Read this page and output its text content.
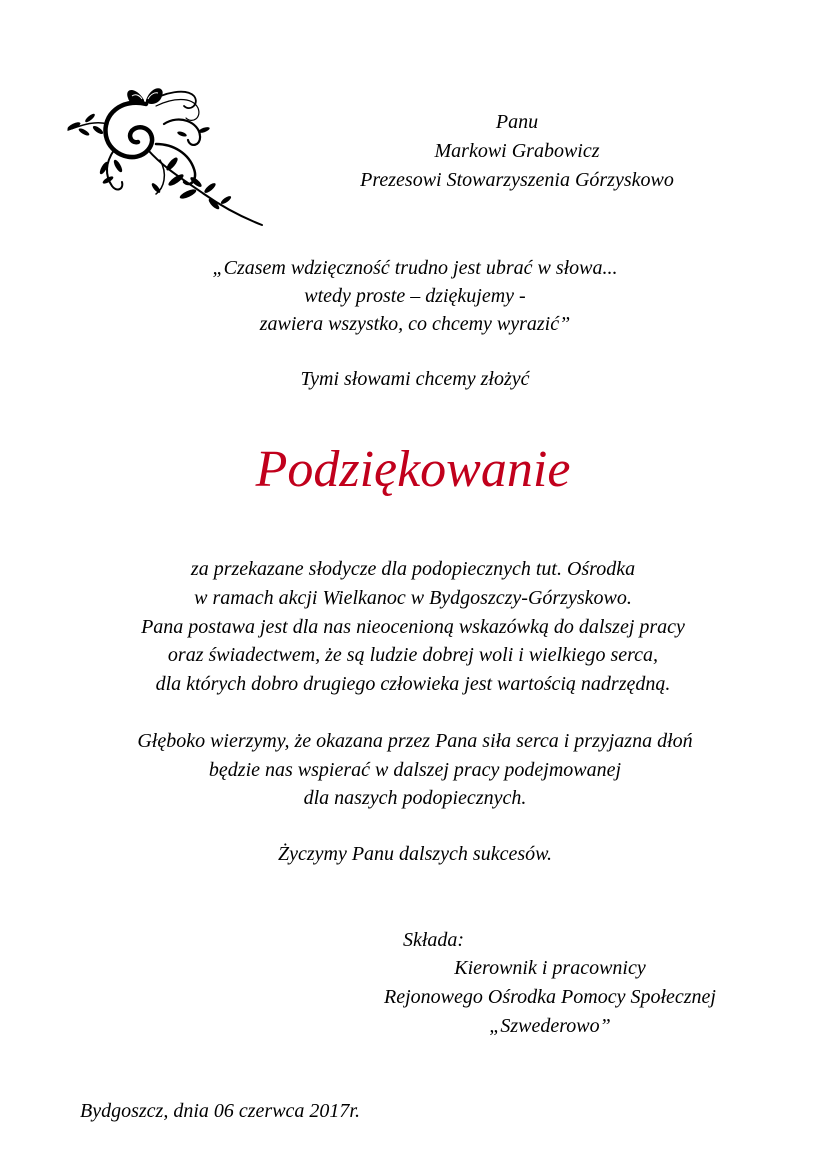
Panu
Markowi Grabowicz
Prezesowi Stowarzyszenia Górzyskowo
„Czasem wdzięczność trudno jest ubrać w słowa...
wtedy proste – dziękujemy -
zawiera wszystko, co chcemy wyrazić”
Tymi słowami chcemy złożyć
Podziękowanie
za przekazane słodycze dla podopiecznych tut. Ośrodka
w ramach akcji Wielkanoc w Bydgoszczy-Górzyskowo.
Pana postawa jest dla nas nieocenioną wskazówką do dalszej pracy
oraz świadectwem, że są ludzie dobrej woli i wielkiego serca,
dla których dobro drugiego człowieka jest wartością nadrzędną.
Głęboko wierzymy, że okazana przez Pana siła serca i przyjazna dłoń
będzie nas wspierać w dalszej pracy podejmowanej
dla naszych podopiecznych.
Życzymy Panu dalszych sukcesów.
Składa:
Kierownik i pracownicy
Rejonowego Ośrodka Pomocy Społecznej
„Szwederowo”
Bydgoszcz, dnia 06 czerwca 2017r.
